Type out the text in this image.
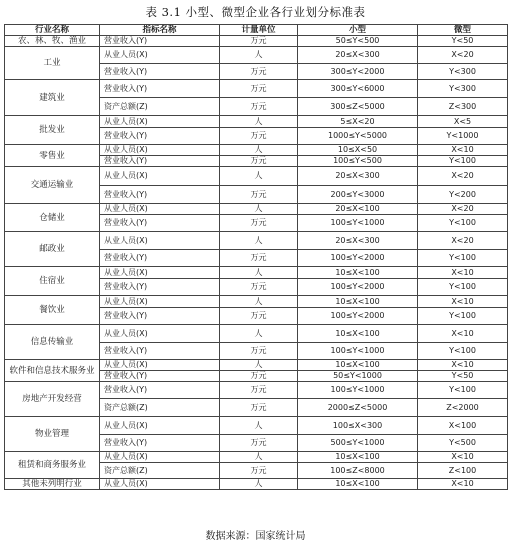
表 3.1 小型、微型企业各行业划分标准表
行业名称	指标名称	计量单位	小型	微型
农、林、牧、渔业	营业收入(Y)	万元	50≤Y<500	Y<50
工业	从业人员(X)	人	20≤X<300	X<20
	营业收入(Y)	万元	300≤Y<2000	Y<300
建筑业	营业收入(Y)	万元	300≤Y<6000	Y<300
	资产总额(Z)	万元	300≤Z<5000	Z<300
批发业	从业人员(X)	人	5≤X<20	X<5
	营业收入(Y)	万元	1000≤Y<5000	Y<1000
零售业	从业人员(X)	人	10≤X<50	X<10
	营业收入(Y)	万元	100≤Y<500	Y<100
交通运输业	从业人员(X)	人	20≤X<300	X<20
	营业收入(Y)	万元	200≤Y<3000	Y<200
仓储业	从业人员(X)	人	20≤X<100	X<20
	营业收入(Y)	万元	100≤Y<1000	Y<100
邮政业	从业人员(X)	人	20≤X<300	X<20
	营业收入(Y)	万元	100≤Y<2000	Y<100
住宿业	从业人员(X)	人	10≤X<100	X<10
	营业收入(Y)	万元	100≤Y<2000	Y<100
餐饮业	从业人员(X)	人	10≤X<100	X<10
	营业收入(Y)	万元	100≤Y<2000	Y<100
信息传输业	从业人员(X)	人	10≤X<100	X<10
	营业收入(Y)	万元	100≤Y<1000	Y<100
软件和信息技术服务业	从业人员(X)	人	10≤X<100	X<10
	营业收入(Y)	万元	50≤Y<1000	Y<50
房地产开发经营	营业收入(Y)	万元	100≤Y<1000	Y<100
	资产总额(Z)	万元	2000≤Z<5000	Z<2000
物业管理	从业人员(X)	人	100≤X<300	X<100
	营业收入(Y)	万元	500≤Y<1000	Y<500
租赁和商务服务业	从业人员(X)	人	10≤X<100	X<10
	资产总额(Z)	万元	100≤Z<8000	Z<100
其他未列明行业	从业人员(X)	人	10≤X<100	X<10
数据来源：国家统计局
